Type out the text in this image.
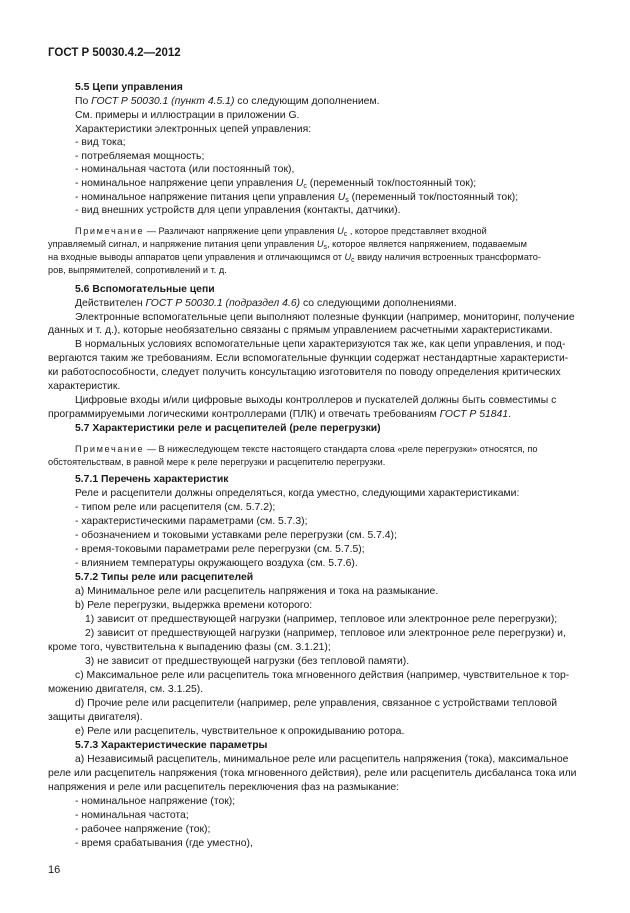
ГОСТ Р 50030.4.2—2012
5.5 Цепи управления
По ГОСТ Р 50030.1 (пункт 4.5.1) со следующим дополнением.
См. примеры и иллюстрации в приложении G.
Характеристики электронных цепей управления:
- вид тока;
- потребляемая мощность;
- номинальная частота (или постоянный ток),
- номинальное напряжение цепи управления $U_c$ (переменный ток/постоянный ток);
- номинальное напряжение питания цепи управления $U_s$ (переменный ток/постоянный ток);
- вид внешних устройств для цепи управления (контакты, датчики).
Примечание — Различают напряжение цепи управления $U_c$ , которое представляет входной
управляемый сигнал, и напряжение питания цепи управления $U_s$, которое является напряжением, подаваемым
на входные выводы аппаратов цепи управления и отличающимся от $U_c$ ввиду наличия встроенных трансформато-
ров, выпрямителей, сопротивлений и т. д.
5.6 Вспомогательные цепи
Действителен ГОСТ Р 50030.1 (подраздел 4.6) со следующими дополнениями.
Электронные вспомогательные цепи выполняют полезные функции (например, мониторинг, получение
данных и т. д.), которые необязательно связаны с прямым управлением расчетными характеристиками.
В нормальных условиях вспомогательные цепи характеризуются так же, как цепи управления, и под-
вергаются таким же требованиям. Если вспомогательные функции содержат нестандартные характеристи-
ки работоспособности, следует получить консультацию изготовителя по поводу определения критических
характеристик.
Цифровые входы и/или цифровые выходы контроллеров и пускателей должны быть совместимы с
программируемыми логическими контроллерами (ПЛК) и отвечать требованиям ГОСТ Р 51841.
5.7 Характеристики реле и расцепителей (реле перегрузки)
Примечание — В нижеследующем тексте настоящего стандарта слова «реле перегрузки» относятся, по
обстоятельствам, в равной мере к реле перегрузки и расцепителю перегрузки.
5.7.1 Перечень характеристик
Реле и расцепители должны определяться, когда уместно, следующими характеристиками:
- типом реле или расцепителя (см. 5.7.2);
- характеристическими параметрами (см. 5.7.3);
- обозначением и токовыми уставками реле перегрузки (см. 5.7.4);
- время-токовыми параметрами реле перегрузки (см. 5.7.5);
- влиянием температуры окружающего воздуха (см. 5.7.6).
5.7.2 Типы реле или расцепителей
a) Минимальное реле или расцепитель напряжения и тока на размыкание.
b) Реле перегрузки, выдержка времени которого:
1) зависит от предшествующей нагрузки (например, тепловое или электронное реле перегрузки);
2) зависит от предшествующей нагрузки (например, тепловое или электронное реле перегрузки) и,
кроме того, чувствительна к выпадению фазы (см. 3.1.21);
3) не зависит от предшествующей нагрузки (без тепловой памяти).
c) Максимальное реле или расцепитель тока мгновенного действия (например, чувствительное к тор-
можению двигателя, см. 3.1.25).
d) Прочие реле или расцепители (например, реле управления, связанное с устройствами тепловой
защиты двигателя).
e) Реле или расцепитель, чувствительное к опрокидыванию ротора.
5.7.3 Характеристические параметры
a) Независимый расцепитель, минимальное реле или расцепитель напряжения (тока), максимальное
реле или расцепитель напряжения (тока мгновенного действия), реле или расцепитель дисбаланса тока или
напряжения и реле или расцепитель переключения фаз на размыкание:
- номинальное напряжение (ток);
- номинальная частота;
- рабочее напряжение (ток);
- время срабатывания (где уместно),
16
